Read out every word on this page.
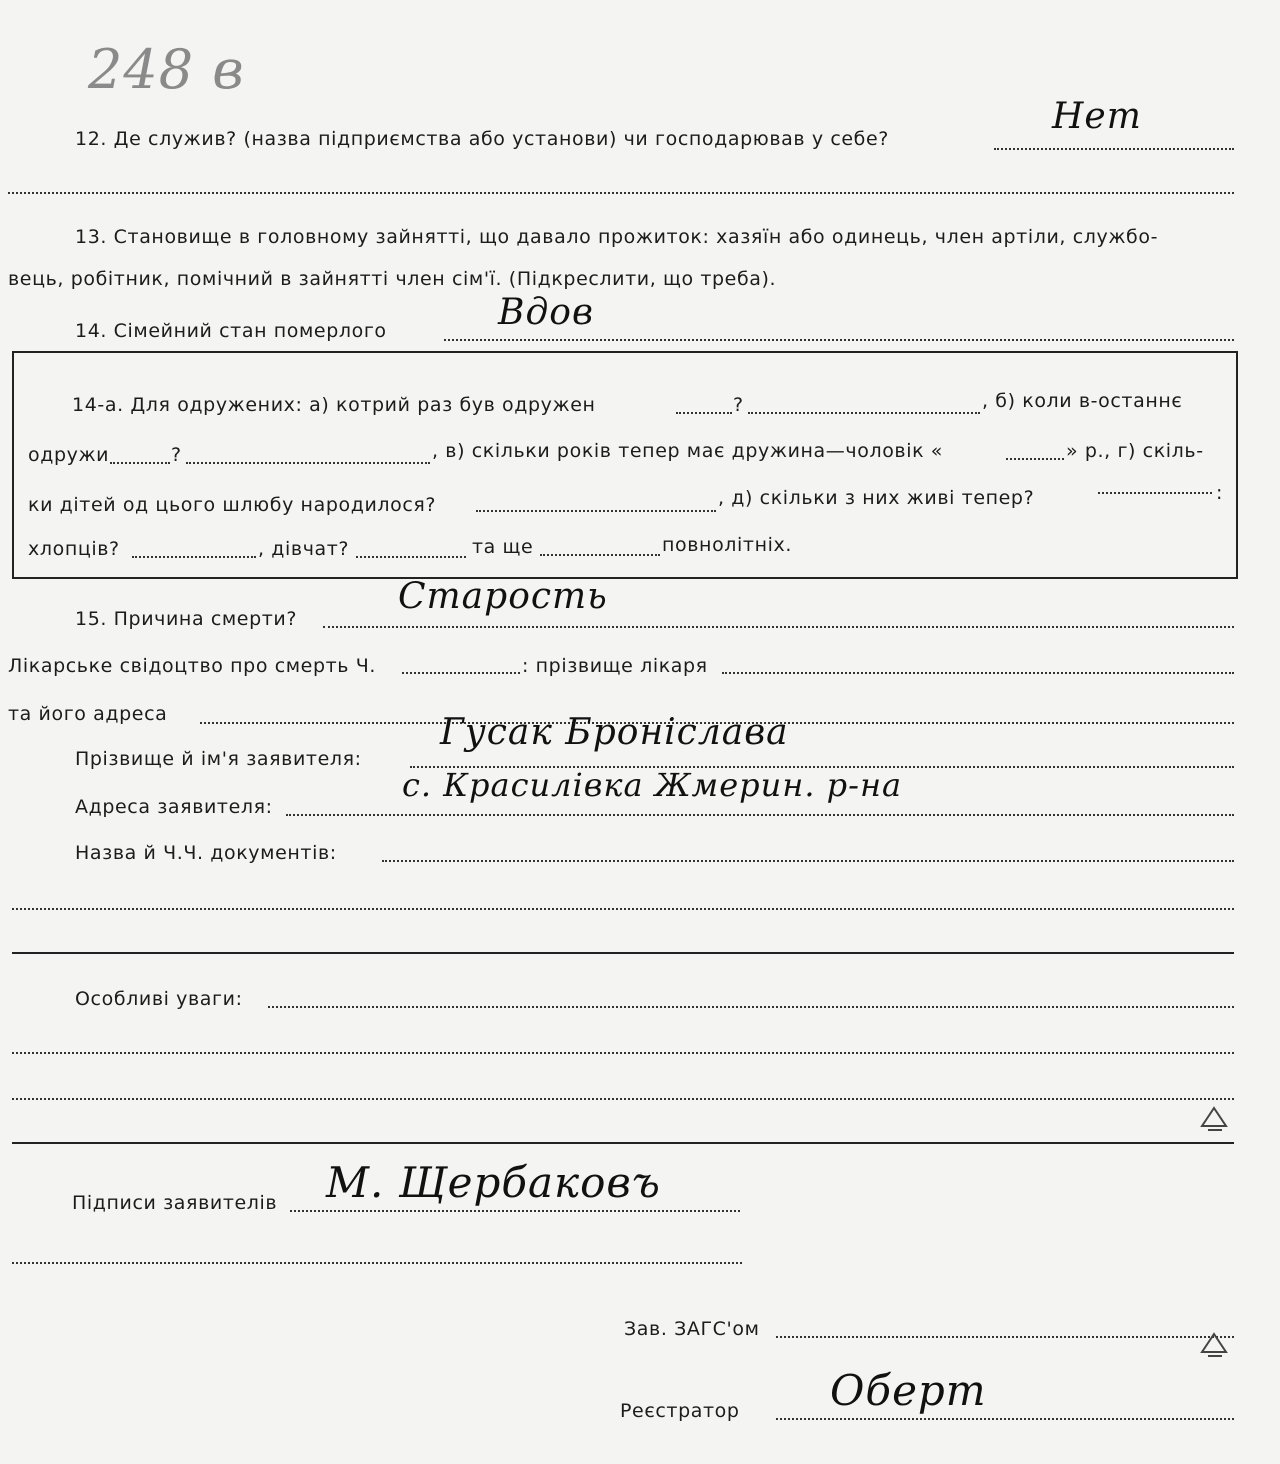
248 в
12. Де служив? (назва підприємства або установи) чи господарював у себе?
Нет
13. Становище в головному зайнятті, що давало прожиток: хазяїн або одинець, член артіли, службо-
вець, робітник, помічний в зайнятті член сім'ї. (Підкреслити, що треба).
14. Сімейний стан померлого	Вдов
14-а. Для одружених: а) котрий раз був одружен	?	, б) коли в-останнє
одружи	?	, в) скільки років тепер має дружина—чоловік «	» р., г) скіль-
ки дітей од цього шлюбу народилося?	, д) скільки з них живі тепер?	:
хлопців?	, дівчат?	та ще	повнолітніх.
15. Причина смерти?
Старость
Лікарське свідоцтво про смерть Ч.	: прізвище лікаря
та його адреса
Прізвище й ім'я заявителя:
Гусак Броніслава
Адреса заявителя:
с. Красилівка Жмерин. р-на
Назва й Ч.Ч. документів:
Особливі уваги:
Підписи заявителів М. Щербаковъ
Зав. ЗАГС'ом
Реєстратор Оберт
